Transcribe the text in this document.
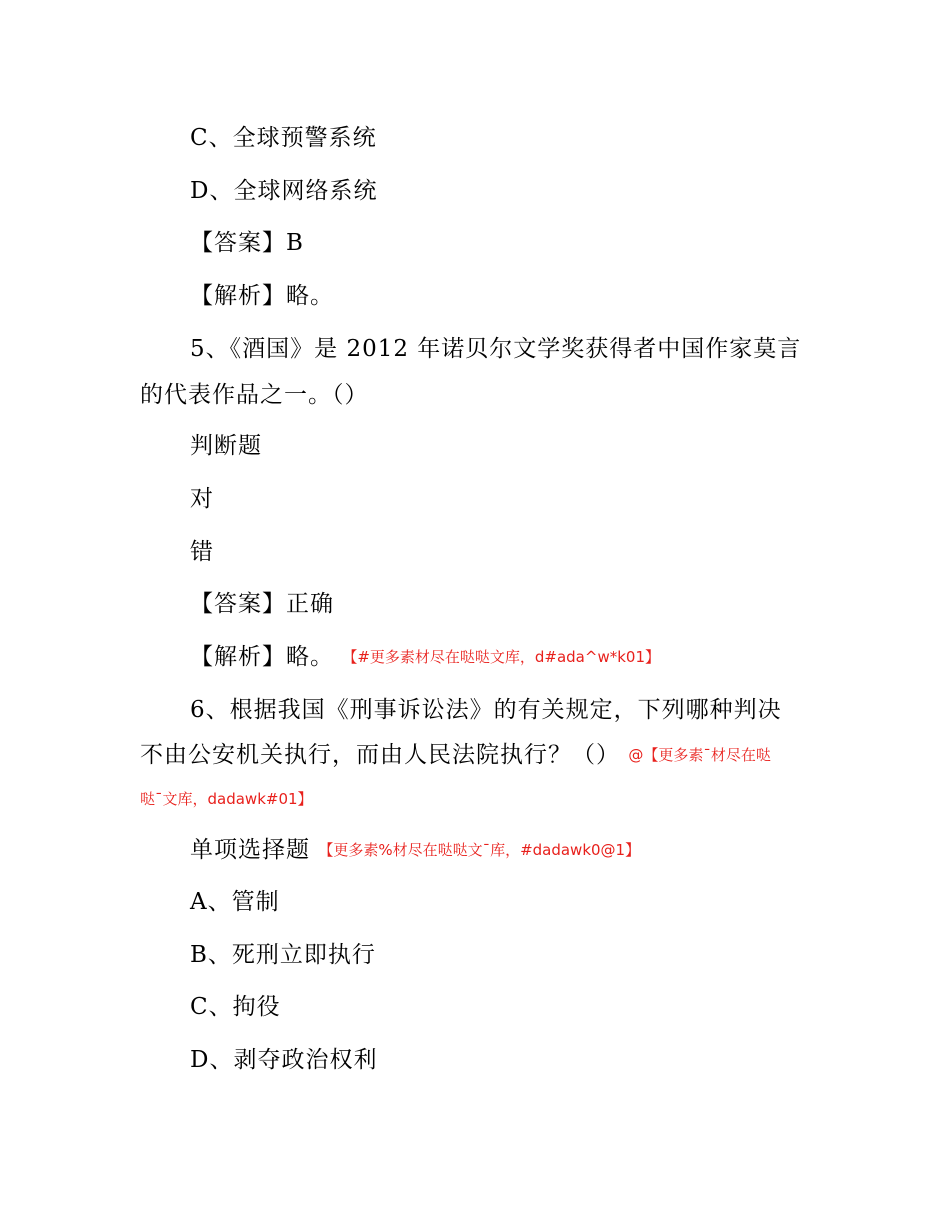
C、全球预警系统
D、全球网络系统
【答案】B
【解析】略。
5、《酒国》是 2012 年诺贝尔文学奖获得者中国作家莫言
的代表作品之一。（）
判断题
对
错
【答案】正确
【解析】略。 【#更多素材尽在哒哒文库，d#ada^w*k01】
6、根据我国《刑事诉讼法》的有关规定，下列哪种判决
不由公安机关执行，而由人民法院执行？（） @【更多素¯材尽在哒
哒¯文库，dadawk#01】
单项选择题 【更多素%材尽在哒哒文¯库，#dadawk0@1】
A、管制
B、死刑立即执行
C、拘役
D、剥夺政治权利
